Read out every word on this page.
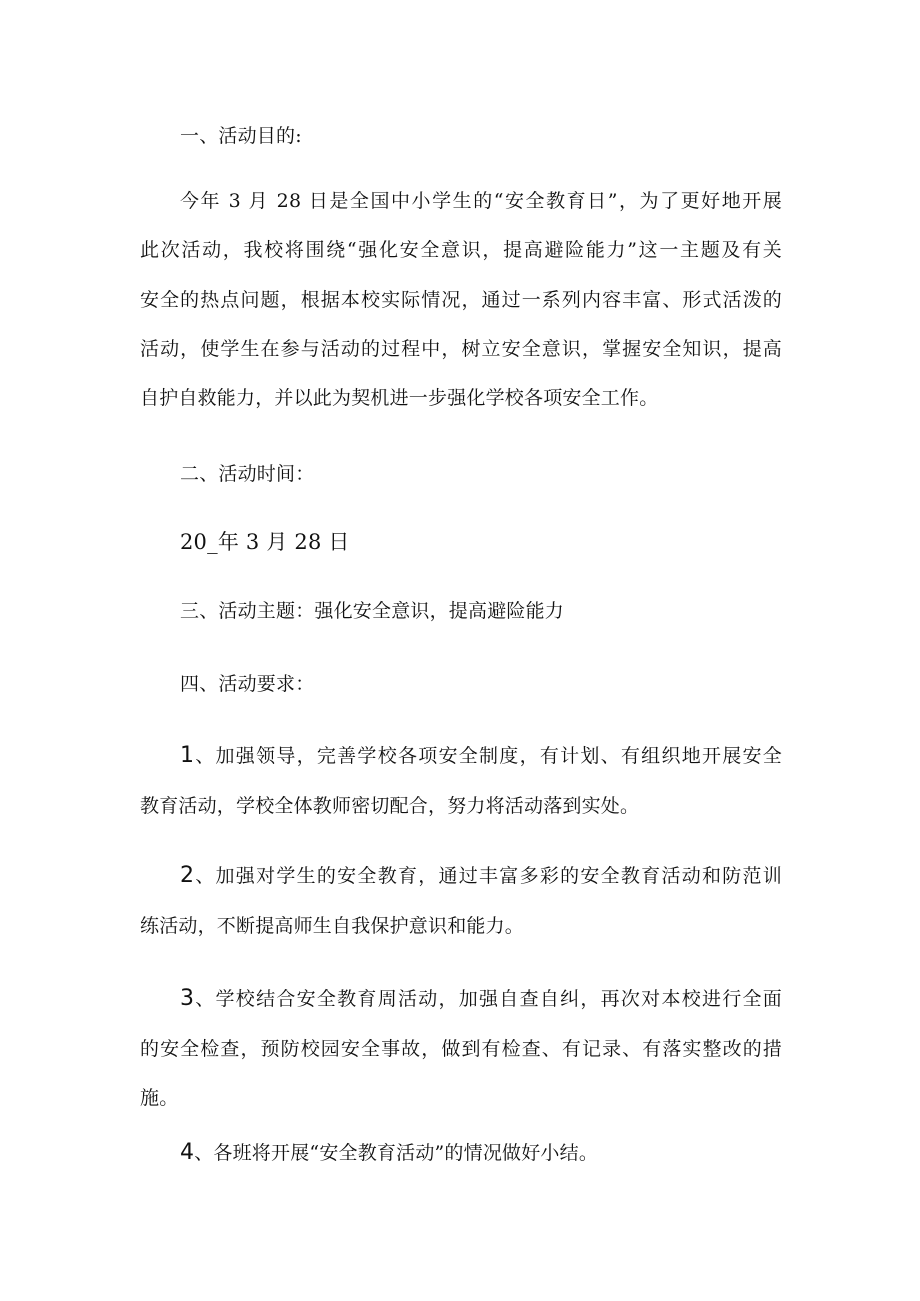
一、活动目的:
今年 3 月 28 日是全国中小学生的“安全教育日”，为了更好地开展
此次活动，我校将围绕“强化安全意识，提高避险能力”这一主题及有关
安全的热点问题，根据本校实际情况，通过一系列内容丰富、形式活泼的
活动，使学生在参与活动的过程中，树立安全意识，掌握安全知识，提高
自护自救能力，并以此为契机进一步强化学校各项安全工作。
二、活动时间：
20_年 3 月 28 日
三、活动主题：强化安全意识，提高避险能力
四、活动要求：
1、加强领导，完善学校各项安全制度，有计划、有组织地开展安全
教育活动，学校全体教师密切配合，努力将活动落到实处。
2、加强对学生的安全教育，通过丰富多彩的安全教育活动和防范训
练活动，不断提高师生自我保护意识和能力。
3、学校结合安全教育周活动，加强自查自纠，再次对本校进行全面
的安全检查，预防校园安全事故，做到有检查、有记录、有落实整改的措
施。
4、各班将开展“安全教育活动”的情况做好小结。
